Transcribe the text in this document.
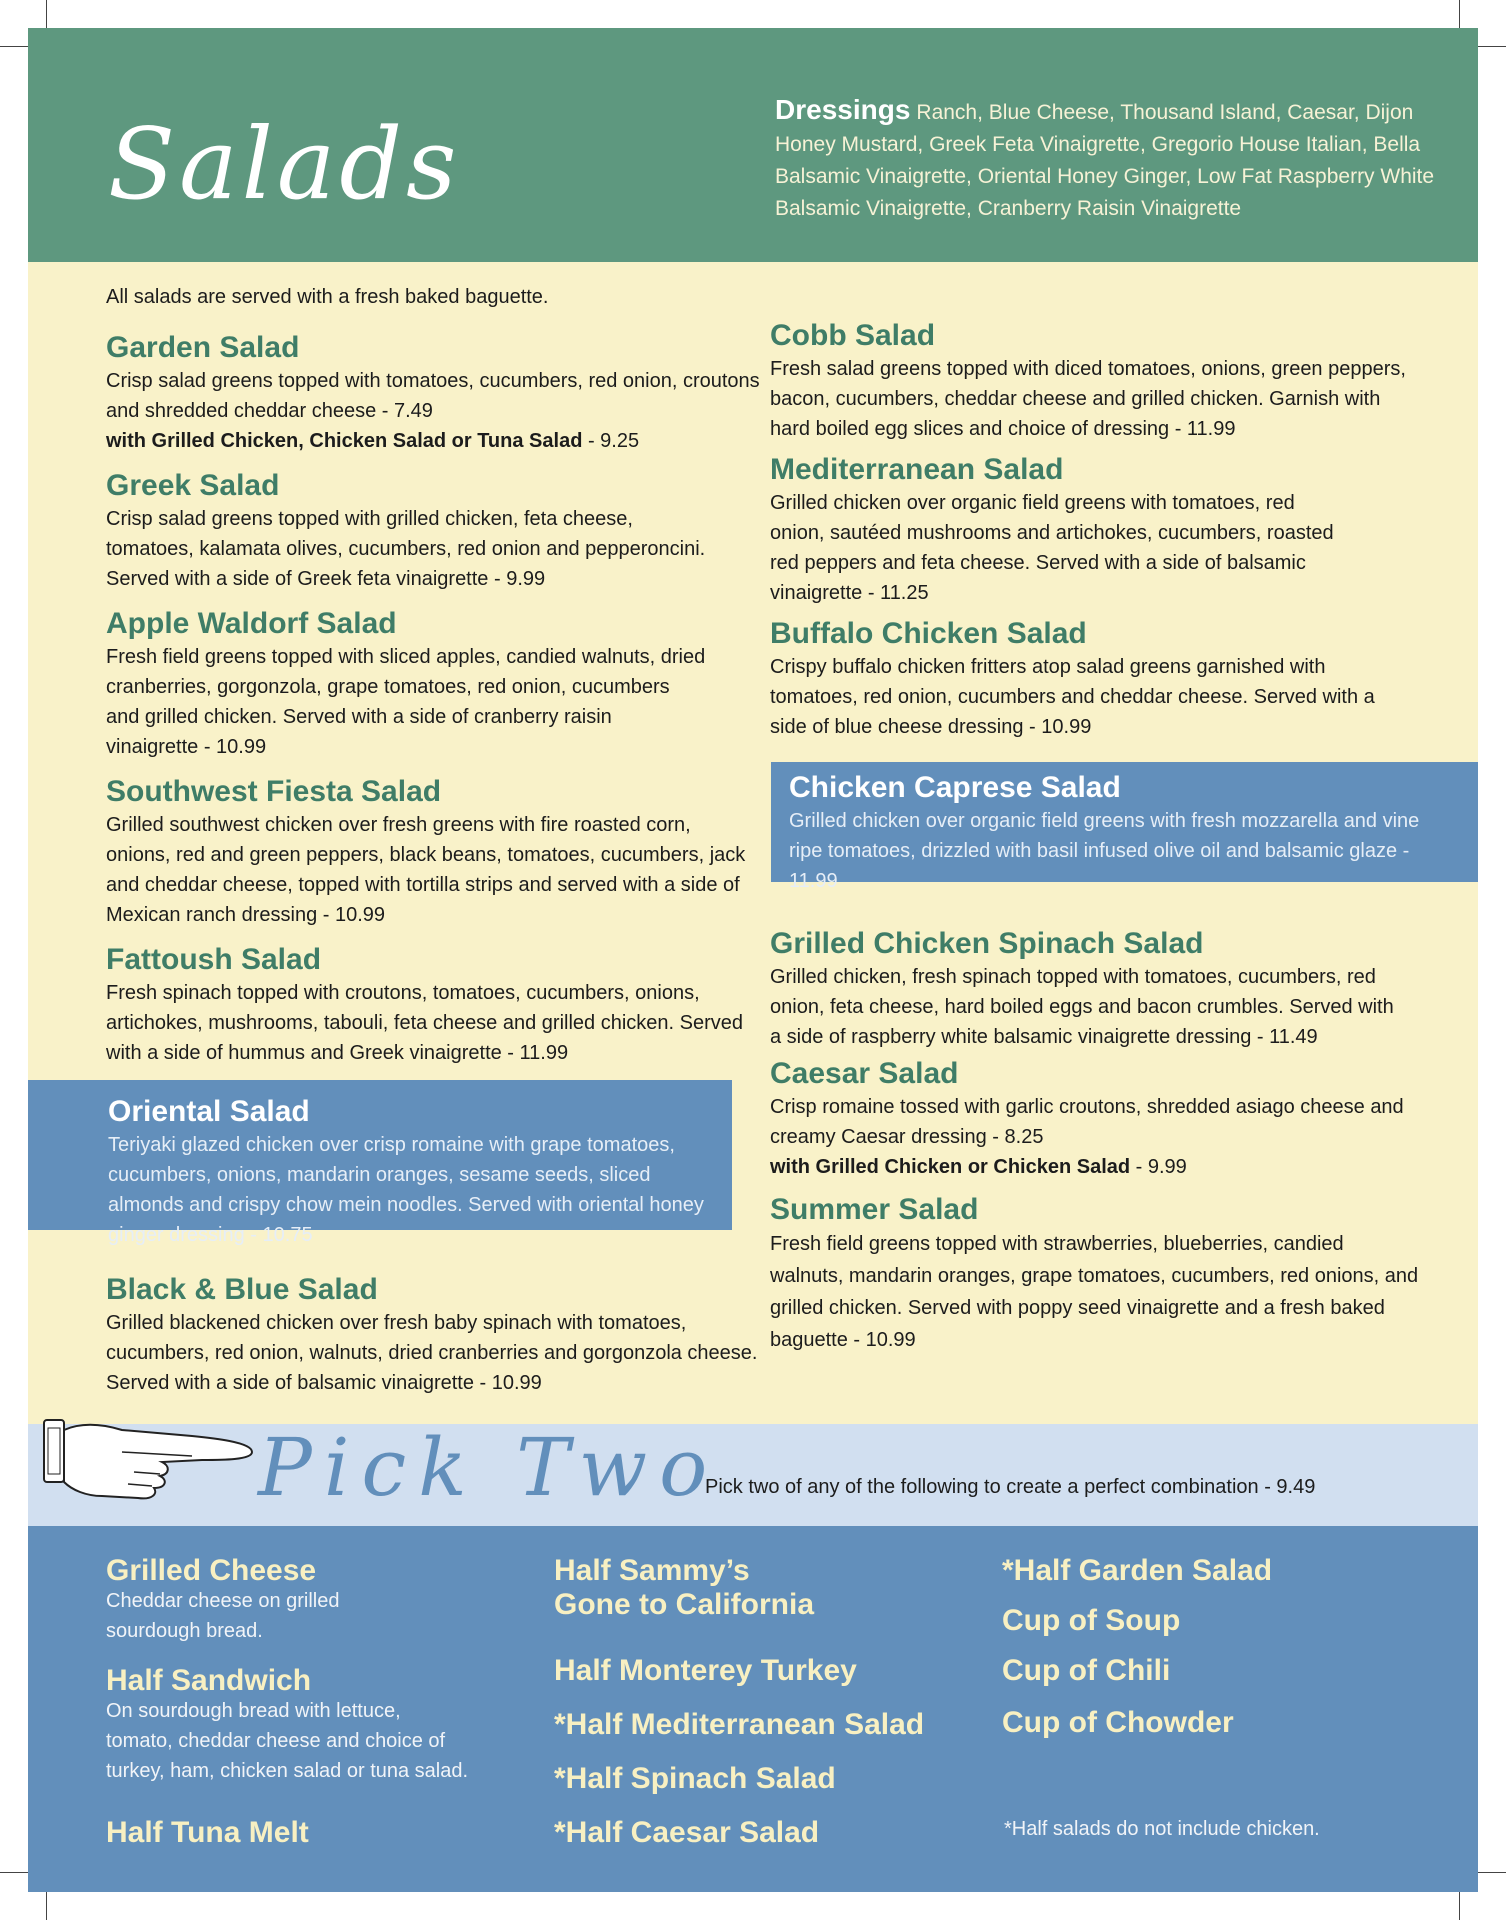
Salads	Dressings Ranch, Blue Cheese, Thousand Island, Caesar, Dijon Honey Mustard, Greek Feta Vinaigrette, Gregorio House Italian, Bella Balsamic Vinaigrette, Oriental Honey Ginger, Low Fat Raspberry White Balsamic Vinaigrette, Cranberry Raisin Vinaigrette
All salads are served with a fresh baked baguette.
Garden Salad

Crisp salad greens topped with tomatoes, cucumbers, red onion, croutons and shredded cheddar cheese - 7.49

with Grilled Chicken, Chicken Salad or Tuna Salad - 9.25

Greek Salad

Crisp salad greens topped with grilled chicken, feta cheese, tomatoes, kalamata olives, cucumbers, red onion and pepperoncini. Served with a side of Greek feta vinaigrette - 9.99

Apple Waldorf Salad

Fresh field greens topped with sliced apples, candied walnuts, dried cranberries, gorgonzola, grape tomatoes, red onion, cucumbers and grilled chicken. Served with a side of cranberry raisin vinaigrette - 10.99

Southwest Fiesta Salad

Grilled southwest chicken over fresh greens with fire roasted corn, onions, red and green peppers, black beans, tomatoes, cucumbers, jack and cheddar cheese, topped with tortilla strips and served with a side of Mexican ranch dressing - 10.99

Fattoush Salad

Fresh spinach topped with croutons, tomatoes, cucumbers, onions, artichokes, mushrooms, tabouli, feta cheese and grilled chicken. Served with a side of hummus and Greek vinaigrette - 11.99

Oriental Salad

Teriyaki glazed chicken over crisp romaine with grape tomatoes, cucumbers, onions, mandarin oranges, sesame seeds, sliced almonds and crispy chow mein noodles. Served with oriental honey ginger dressing - 10.75

Black & Blue Salad

Grilled blackened chicken over fresh baby spinach with tomatoes, cucumbers, red onion, walnuts, dried cranberries and gorgonzola cheese. Served with a side of balsamic vinaigrette - 10.99

Cobb Salad

Fresh salad greens topped with diced tomatoes, onions, green peppers, bacon, cucumbers, cheddar cheese and grilled chicken. Garnish with hard boiled egg slices and choice of dressing - 11.99

Mediterranean Salad

Grilled chicken over organic field greens with tomatoes, red onion, sautéed mushrooms and artichokes, cucumbers, roasted red peppers and feta cheese. Served with a side of balsamic vinaigrette - 11.25

Buffalo Chicken Salad

Crispy buffalo chicken fritters atop salad greens garnished with tomatoes, red onion, cucumbers and cheddar cheese. Served with a side of blue cheese dressing - 10.99

Chicken Caprese Salad

Grilled chicken over organic field greens with fresh mozzarella and vine ripe tomatoes, drizzled with basil infused olive oil and balsamic glaze - 11.99

Grilled Chicken Spinach Salad

Grilled chicken, fresh spinach topped with tomatoes, cucumbers, red onion, feta cheese, hard boiled eggs and bacon crumbles. Served with a side of raspberry white balsamic vinaigrette dressing - 11.49

Caesar Salad

Crisp romaine tossed with garlic croutons, shredded asiago cheese and creamy Caesar dressing - 8.25

with Grilled Chicken or Chicken Salad - 9.99

Summer Salad

Fresh field greens topped with strawberries, blueberries, candied walnuts, mandarin oranges, grape tomatoes, cucumbers, red onions, and grilled chicken. Served with poppy seed vinaigrette and a fresh baked baguette - 10.99

Pick Two
Pick two of any of the following to create a perfect combination - 9.49
Grilled Cheese
Cheddar cheese on grilled
sourdough bread.
Half Sandwich
On sourdough bread with lettuce,
tomato, cheddar cheese and choice of
turkey, ham, chicken salad or tuna salad.
Half Tuna Melt
Half Sammy’s
Gone to California
Half Monterey Turkey
*Half Mediterranean Salad
*Half Spinach Salad
*Half Caesar Salad
*Half Garden Salad
Cup of Soup
Cup of Chili
Cup of Chowder
*Half salads do not include chicken.
